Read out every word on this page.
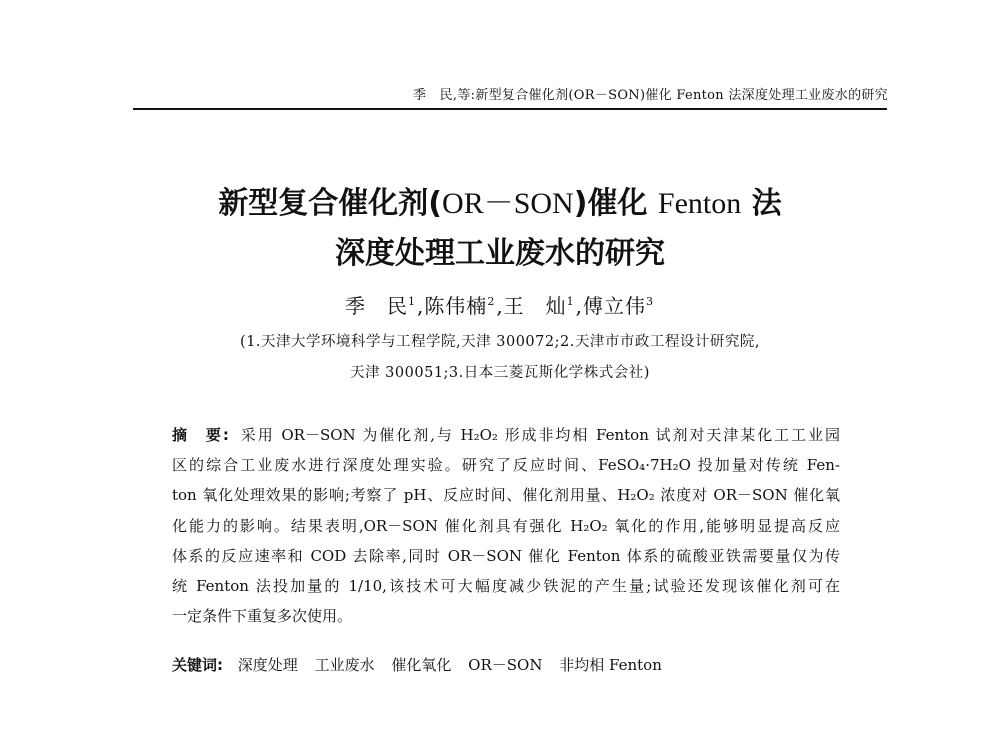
季　民,等:新型复合催化剂(OR－SON)催化 Fenton 法深度处理工业废水的研究
新型复合催化剂(OR－SON)催化 Fenton 法
深度处理工业废水的研究
季　民$^1$,陈伟楠$^2$,王　灿$^1$,傅立伟$^3$
(1.天津大学环境科学与工程学院,天津 300072;2.天津市市政工程设计研究院,
天津 300051;3.日本三菱瓦斯化学株式会社)
摘　要: 采用 OR－SON 为催化剂,与 H₂O₂ 形成非均相 Fenton 试剂对天津某化工工业园
区的综合工业废水进行深度处理实验。研究了反应时间、FeSO₄·7H₂O 投加量对传统 Fen-
ton 氧化处理效果的影响;考察了 pH、反应时间、催化剂用量、H₂O₂ 浓度对 OR－SON 催化氧
化能力的影响。结果表明,OR－SON 催化剂具有强化 H₂O₂ 氧化的作用,能够明显提高反应
体系的反应速率和 COD 去除率,同时 OR－SON 催化 Fenton 体系的硫酸亚铁需要量仅为传
统 Fenton 法投加量的 1/10,该技术可大幅度减少铁泥的产生量;试验还发现该催化剂可在
一定条件下重复多次使用。
关键词: 深度处理 工业废水 催化氧化 OR－SON 非均相 Fenton
